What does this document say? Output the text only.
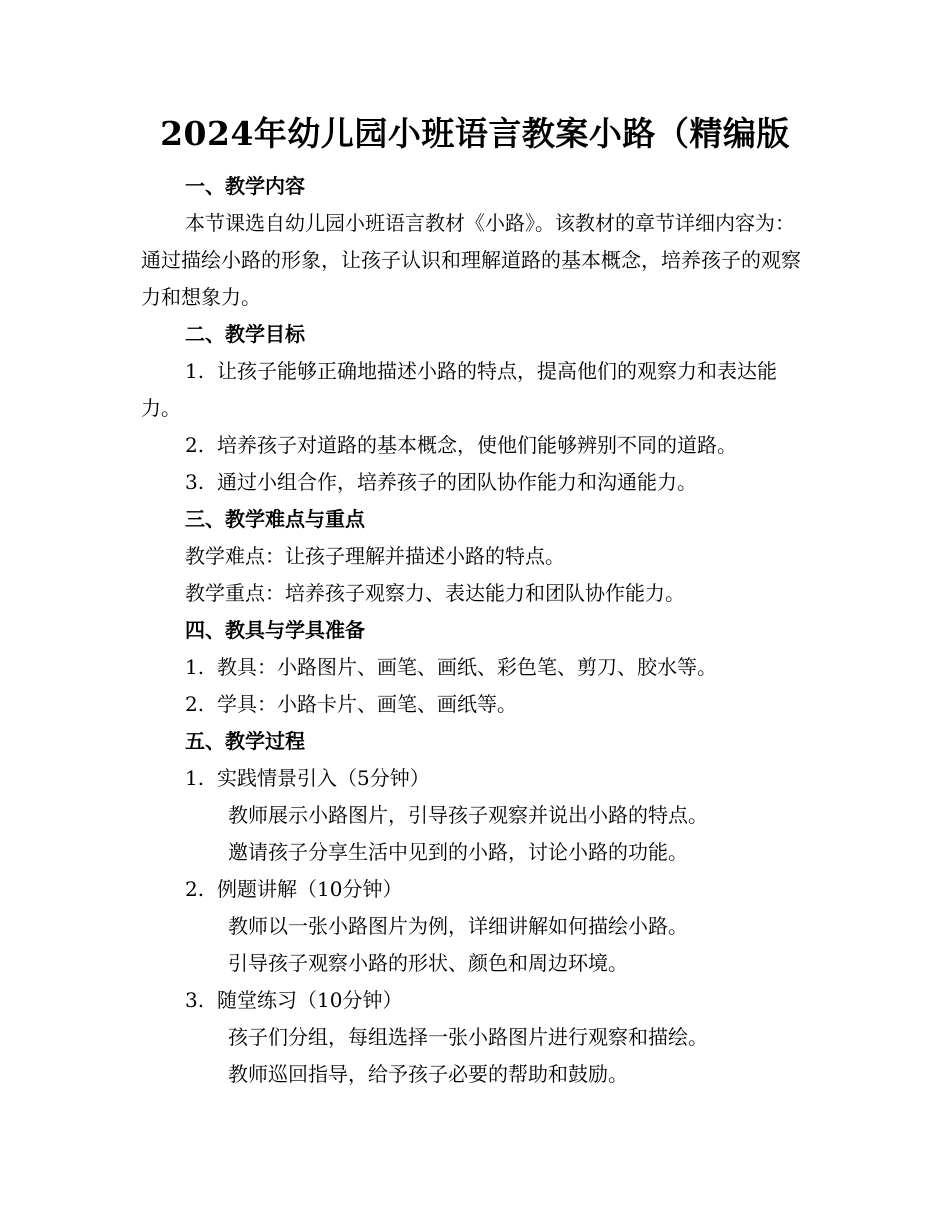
2024年幼儿园小班语言教案小路（精编版

一、教学内容

本节课选自幼儿园小班语言教材《小路》。该教材的章节详细内容为：通过描绘小路的形象，让孩子认识和理解道路的基本概念，培养孩子的观察力和想象力。

二、教学目标

1. 让孩子能够正确地描述小路的特点，提高他们的观察力和表达能力。

2. 培养孩子对道路的基本概念，使他们能够辨别不同的道路。

3. 通过小组合作，培养孩子的团队协作能力和沟通能力。

三、教学难点与重点

教学难点：让孩子理解并描述小路的特点。

教学重点：培养孩子观察力、表达能力和团队协作能力。

四、教具与学具准备

1. 教具：小路图片、画笔、画纸、彩色笔、剪刀、胶水等。

2. 学具：小路卡片、画笔、画纸等。

五、教学过程

1. 实践情景引入（5分钟）

教师展示小路图片，引导孩子观察并说出小路的特点。

邀请孩子分享生活中见到的小路，讨论小路的功能。

2. 例题讲解（10分钟）

教师以一张小路图片为例，详细讲解如何描绘小路。

引导孩子观察小路的形状、颜色和周边环境。

3. 随堂练习（10分钟）

孩子们分组，每组选择一张小路图片进行观察和描绘。

教师巡回指导，给予孩子必要的帮助和鼓励。
